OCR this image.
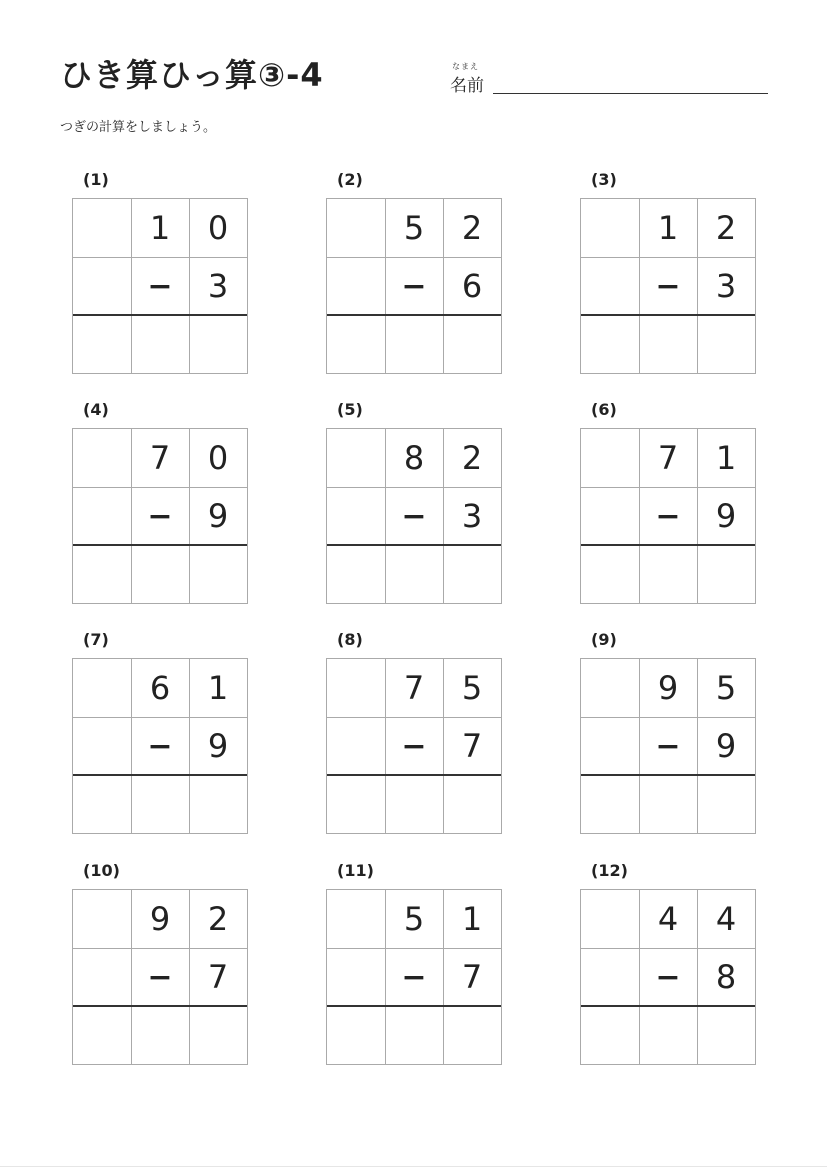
ひき算ひっ算③-4	なまえ
名前
つぎの計算をしましょう。
(1)
1	0
−	3
(2)
5	2
−	6
(3)
1	2
−	3
(4)
7	0
−	9
(5)
8	2
−	3
(6)
7	1
−	9
(7)
6	1
−	9
(8)
7	5
−	7
(9)
9	5
−	9
(10)
9	2
−	7
(11)
5	1
−	7
(12)
4	4
−	8
